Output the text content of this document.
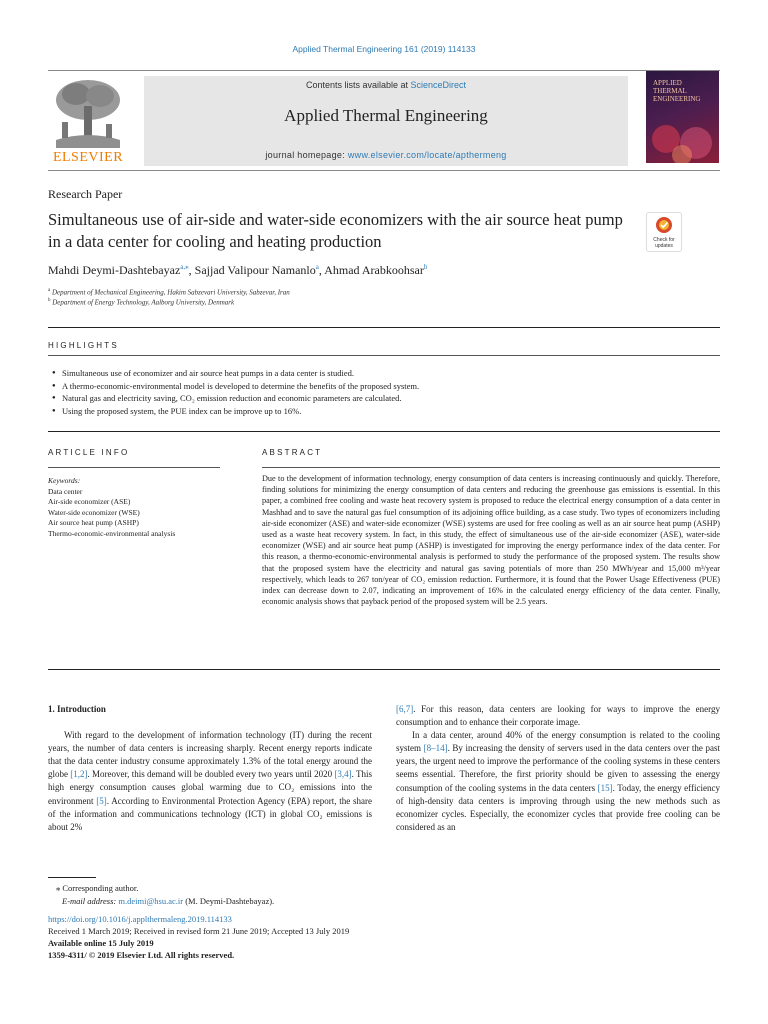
Applied Thermal Engineering 161 (2019) 114133
ELSEVIER
Contents lists available at ScienceDirect
Applied Thermal Engineering
journal homepage: www.elsevier.com/locate/apthermeng
APPLIED
THERMAL
ENGINEERING
Research Paper
Simultaneous use of air-side and water-side economizers with the air source heat pump in a data center for cooling and heating production	Check for updates
Mahdi Deymi-Dashtebayaz$^{a,⁎}$, Sajjad Valipour Namanlo$^a$, Ahmad Arabkoohsar$^b$
$^a$ Department of Mechanical Engineering, Hakim Sabzevari University, Sabzevar, Iran
$^b$ Department of Energy Technology, Aalborg University, Denmark
HIGHLIGHTS
● Simultaneous use of economizer and air source heat pumps in a data center is studied.
● A thermo-economic-environmental model is developed to determine the benefits of the proposed system.
● Natural gas and electricity saving, CO₂ emission reduction and economic parameters are calculated.
● Using the proposed system, the PUE index can be improve up to 16%.
ARTICLE INFO	ABSTRACT
Keywords:
Data center
Air-side economizer (ASE)
Water-side economizer (WSE)
Air source heat pump (ASHP)
Thermo-economic-environmental analysis
Due to the development of information technology, energy consumption of data centers is increasing continuously and quickly. Therefore, finding solutions for minimizing the energy consumption of data centers and reducing the greenhouse gas emissions is essential. In this paper, a combined free cooling and waste heat recovery system is proposed to reduce the electrical energy consumption of a data center in Mashhad and to save the natural gas fuel consumption of its adjoining office building, as a case study. Two types of economizers including air-side economizer (ASE) and water-side economizer (WSE) systems are used for free cooling as well as an air source heat pump (ASHP) used as a waste heat recovery system. In fact, in this study, the effect of simultaneous use of the air-side economizer (ASE), water-side economizer (WSE) and air source heat pump (ASHP) is investigated for improving the energy performance index of the data center. For this reason, a thermo-economic-environmental analysis is performed to study the performance of the proposed system. The results show that the proposed system have the electricity and natural gas saving potentials of more than 250 MWh/year and 15,000 m³/year respectively, which leads to 267 ton/year of CO₂ emission reduction. Furthermore, it is found that the Power Usage Effectiveness (PUE) index can decrease down to 2.07, indicating an improvement of 16% in the calculated energy efficiency of the data center. Finally, economic analysis shows that payback period of the proposed system will be 2.5 years.
1. Introduction

With regard to the development of information technology (IT) during the recent years, the number of data centers is increasing sharply. Recent energy reports indicate that the data center industry consume approximately 1.3% of the total energy around the globe [1,2]. Moreover, this demand will be doubled every two years until 2020 [3,4]. This high energy consumption causes global warming due to CO₂ emissions into the environment [5]. According to Environmental Protection Agency (EPA) report, the share of the information and communications technology (ICT) in global CO₂ emissions is about 2%

[6,7]. For this reason, data centers are looking for ways to improve the energy consumption and to enhance their corporate image.

In a data center, around 40% of the energy consumption is related to the cooling system [8–14]. By increasing the density of servers used in the data centers over the past years, the urgent need to improve the performance of the cooling systems in these centers seems essential. Therefore, the first priority should be given to assessing the energy consumption of the cooling systems in the data centers [15]. Today, the energy efficiency of high-density data centers is improving through using the new methods such as economizer cycles. Especially, the economizer cycles that provide free cooling can be considered as an

⁎ Corresponding author.
E-mail address: m.deimi@hsu.ac.ir (M. Deymi-Dashtebayaz).
https://doi.org/10.1016/j.applthermaleng.2019.114133
Received 1 March 2019; Received in revised form 21 June 2019; Accepted 13 July 2019
Available online 15 July 2019
1359-4311/ © 2019 Elsevier Ltd. All rights reserved.
